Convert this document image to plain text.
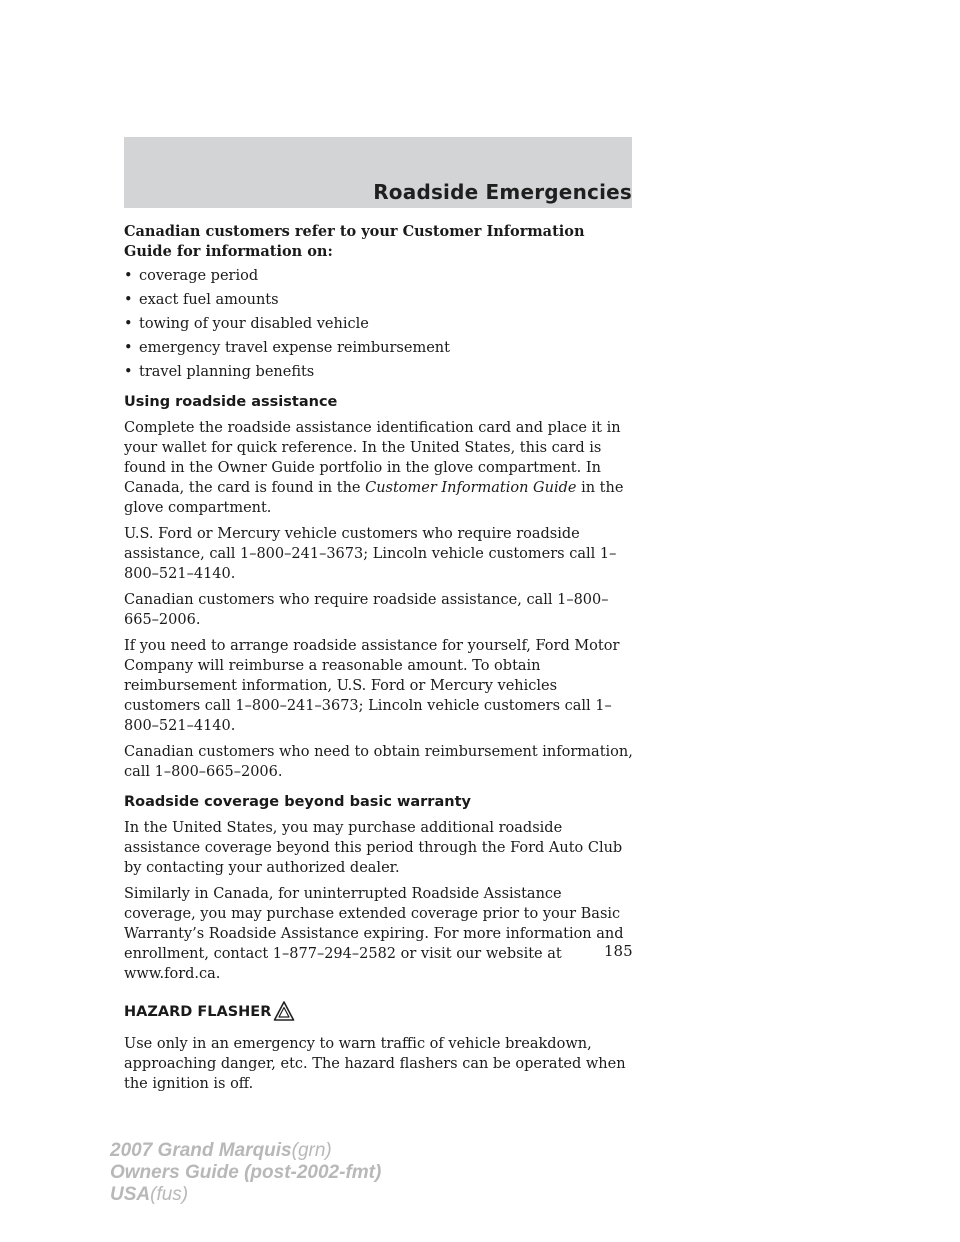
Roadside Emergencies

Canadian customers refer to your Customer Information Guide for information on:

• coverage period
• exact fuel amounts
• towing of your disabled vehicle
• emergency travel expense reimbursement
• travel planning benefits
Using roadside assistance

Complete the roadside assistance identification card and place it in your wallet for quick reference. In the United States, this card is found in the Owner Guide portfolio in the glove compartment. In Canada, the card is found in the Customer Information Guide in the glove compartment.

U.S. Ford or Mercury vehicle customers who require roadside assistance, call 1–800–241–3673; Lincoln vehicle customers call 1–800–521–4140.

Canadian customers who require roadside assistance, call 1–800–665–2006.

If you need to arrange roadside assistance for yourself, Ford Motor Company will reimburse a reasonable amount. To obtain reimbursement information, U.S. Ford or Mercury vehicles customers call 1–800–241–3673; Lincoln vehicle customers call 1–800–521–4140.

Canadian customers who need to obtain reimbursement information, call 1–800–665–2006.

Roadside coverage beyond basic warranty

In the United States, you may purchase additional roadside assistance coverage beyond this period through the Ford Auto Club by contacting your authorized dealer.

Similarly in Canada, for uninterrupted Roadside Assistance coverage, you may purchase extended coverage prior to your Basic Warranty’s Roadside Assistance expiring. For more information and enrollment, contact 1–877–294–2582 or visit our website at www.ford.ca.

HAZARD FLASHER

Use only in an emergency to warn traffic of vehicle breakdown, approaching danger, etc. The hazard flashers can be operated when the ignition is off.

185
2007 Grand Marquis(grn)
Owners Guide (post-2002-fmt)
USA(fus)
